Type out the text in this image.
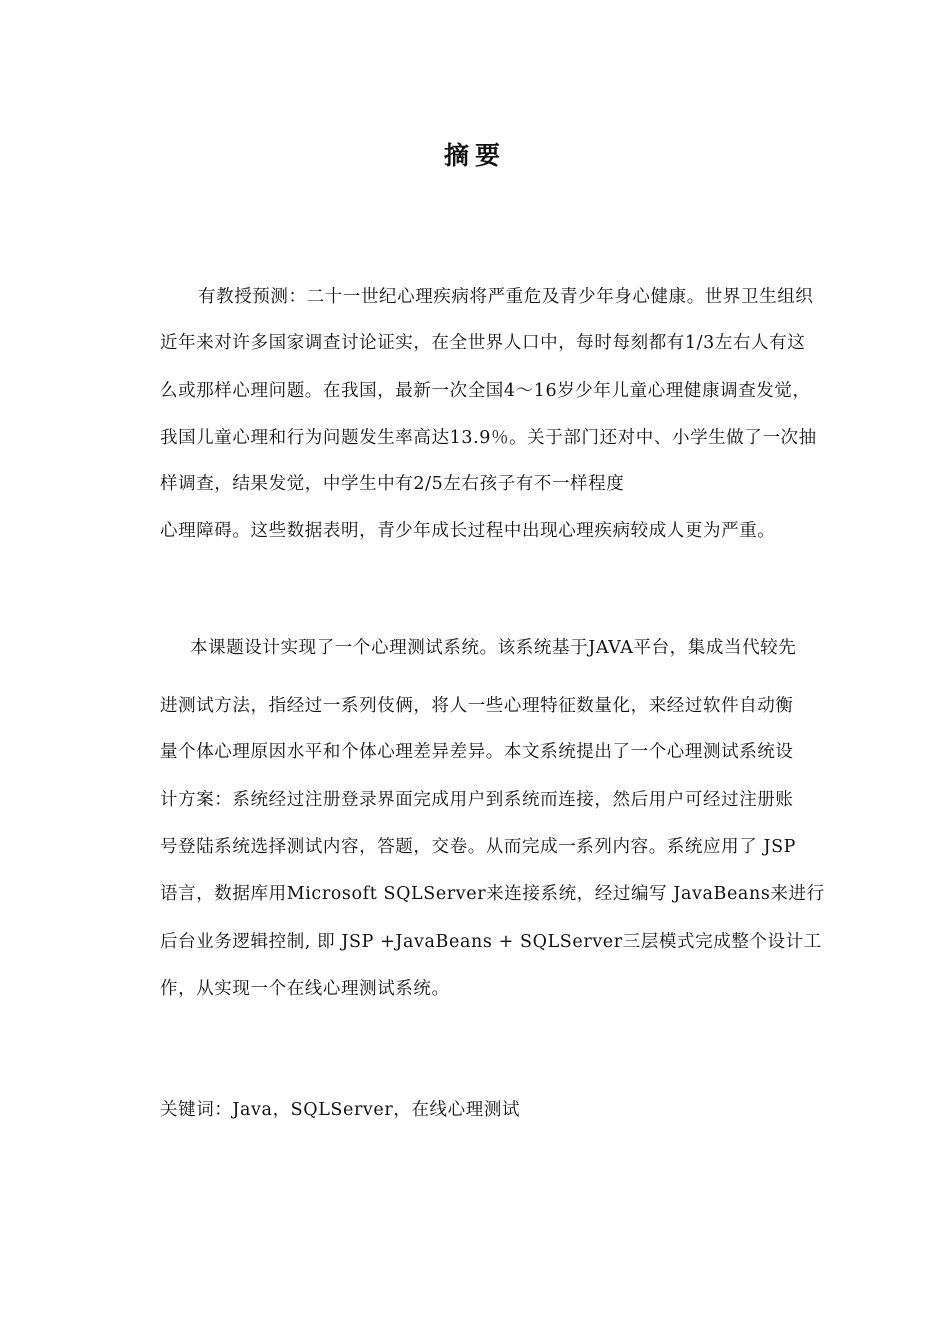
摘要
有教授预测：二十一世纪心理疾病将严重危及青少年身心健康。世界卫生组织
近年来对许多国家调查讨论证实，在全世界人口中，每时每刻都有1/3左右人有这
么或那样心理问题。在我国，最新一次全国4～16岁少年儿童心理健康调查发觉，
我国儿童心理和行为问题发生率高达13.9％。关于部门还对中、小学生做了一次抽
样调查，结果发觉，中学生中有2/5左右孩子有不一样程度
心理障碍。这些数据表明，青少年成长过程中出现心理疾病较成人更为严重。
本课题设计实现了一个心理测试系统。该系统基于JAVA平台，集成当代较先
进测试方法，指经过一系列伎俩，将人一些心理特征数量化，来经过软件自动衡
量个体心理原因水平和个体心理差异差异。本文系统提出了一个心理测试系统设
计方案：系统经过注册登录界面完成用户到系统而连接，然后用户可经过注册账
号登陆系统选择测试内容，答题，交卷。从而完成一系列内容。系统应用了 JSP
语言，数据库用Microsoft SQLServer来连接系统，经过编写 JavaBeans来进行
后台业务逻辑控制, 即 JSP +JavaBeans + SQLServer三层模式完成整个设计工
作，从实现一个在线心理测试系统。
关键词：Java，SQLServer，在线心理测试
